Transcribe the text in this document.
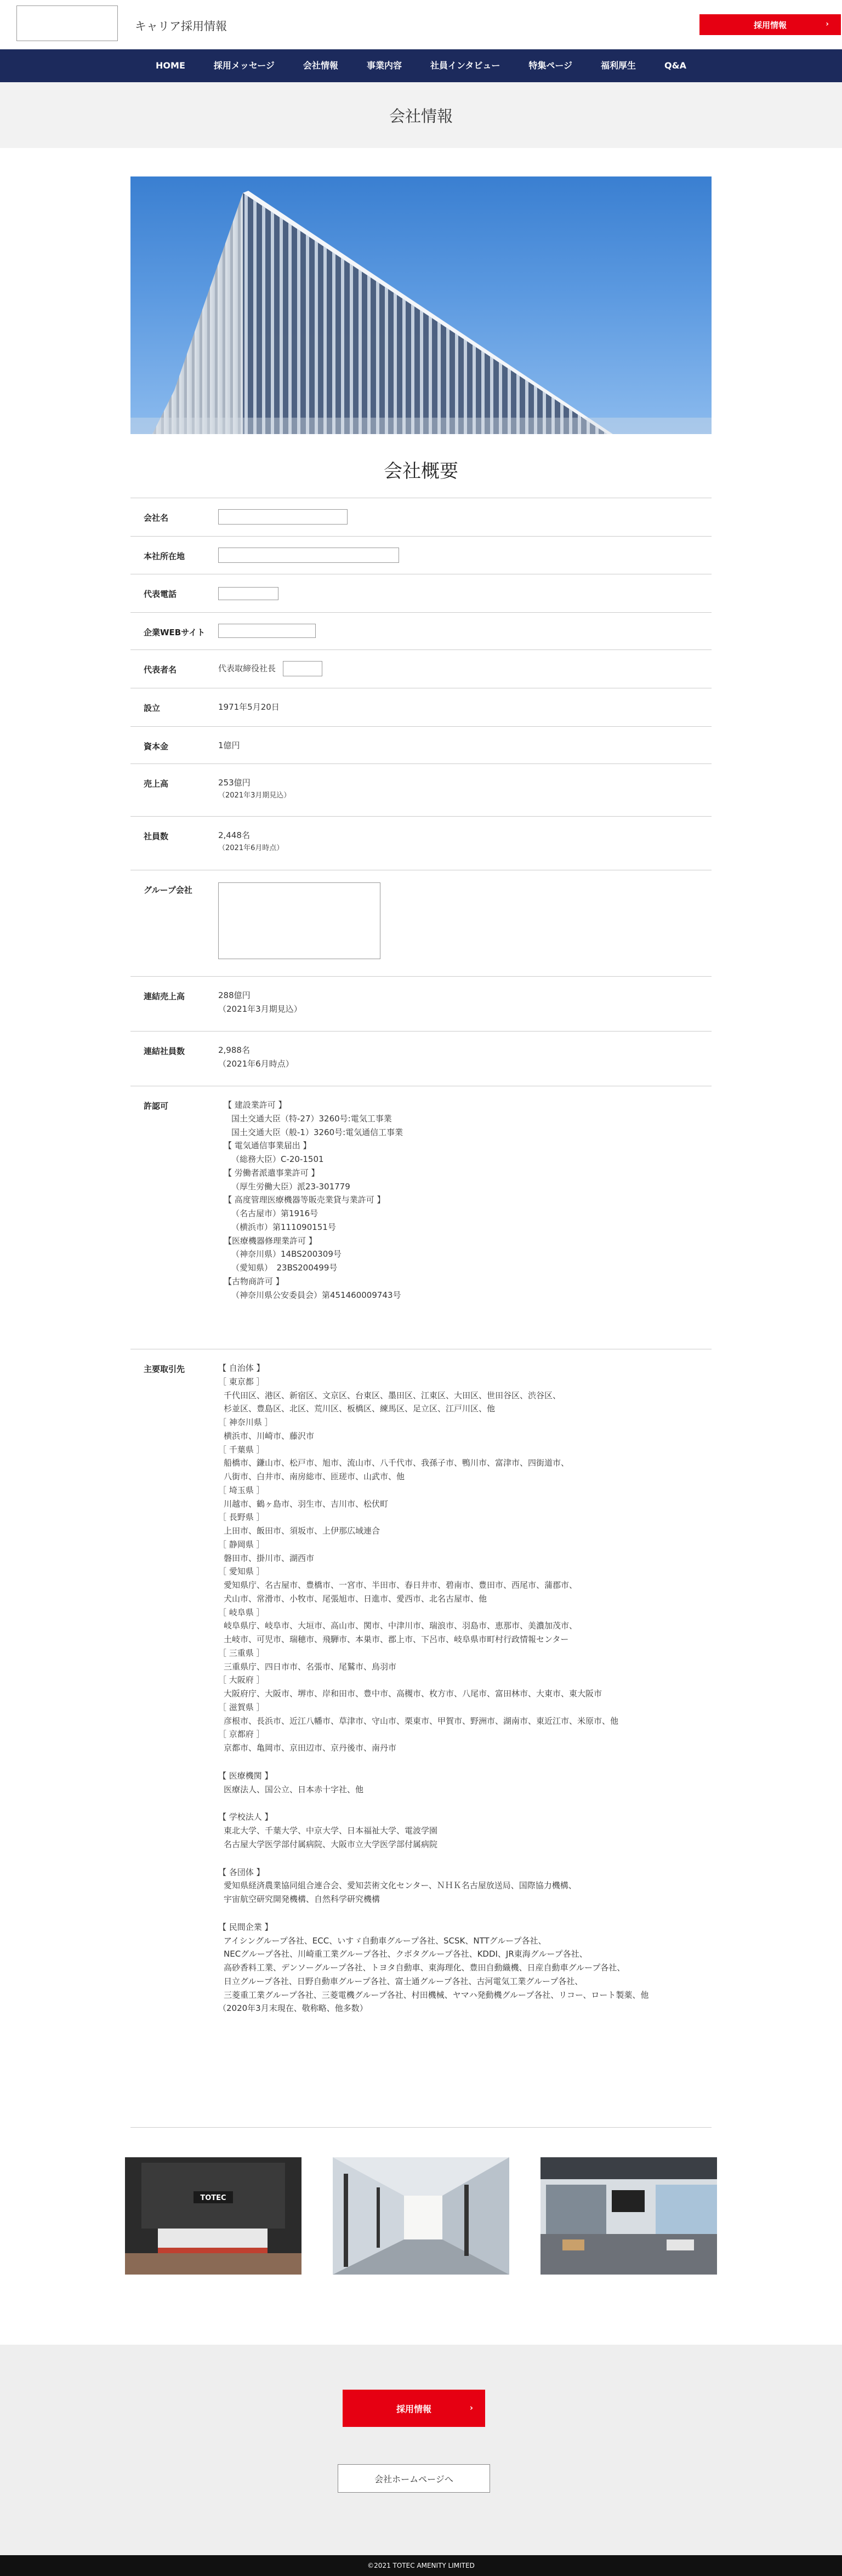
キャリア採用情報	採用情報	›
HOME	採用メッセージ	会社情報	事業内容	社員インタビュー	特集ページ	福利厚生	Q&A
会社情報
会社概要
会社名
本社所在地
代表電話
企業WEBサイト
代表者名	代表取締役社長
設立	1971年5月20日
資本金	1億円
売上高	253億円
（2021年3月期見込）
社員数	2,448名
（2021年6月時点）
グループ会社
連結売上高	288億円
（2021年3月期見込）
連結社員数	2,988名
（2021年6月時点）
許認可	【 建設業許可 】
国土交通大臣（特-27）3260号:電気工事業
国土交通大臣（般-1）3260号:電気通信工事業
【 電気通信事業届出 】
（総務大臣）C-20-1501
【 労働者派遣事業許可 】
（厚生労働大臣）派23-301779
【 高度管理医療機器等販売業貸与業許可 】
（名古屋市）第1916号
（横浜市）第111090151号
【医療機器修理業許可 】
（神奈川県）14BS200309号
（愛知県）　23BS200499号
【古物商許可 】
（神奈川県公安委員会）第451460009743号
主要取引先	【 自治体 】
［ 東京都 ］
千代田区、港区、新宿区、文京区、台東区、墨田区、江東区、大田区、世田谷区、渋谷区、
杉並区、豊島区、北区、荒川区、板橋区、練馬区、足立区、江戸川区、他
［ 神奈川県 ］
横浜市、川崎市、藤沢市
［ 千葉県 ］
船橋市、鎌山市、松戸市、旭市、流山市、八千代市、我孫子市、鴨川市、富津市、四街道市、
八街市、白井市、南房総市、匝瑳市、山武市、他
［ 埼玉県 ］
川越市、鶴ヶ島市、羽生市、吉川市、松伏町
［ 長野県 ］
上田市、飯田市、須坂市、上伊那広域連合
［ 静岡県 ］
磐田市、掛川市、湖西市
［ 愛知県 ］
愛知県庁、名古屋市、豊橋市、一宮市、半田市、春日井市、碧南市、豊田市、西尾市、蒲郡市、
犬山市、常滑市、小牧市、尾張旭市、日進市、愛西市、北名古屋市、他
［ 岐阜県 ］
岐阜県庁、岐阜市、大垣市、高山市、関市、中津川市、瑞浪市、羽島市、恵那市、美濃加茂市、
土岐市、可児市、瑞穂市、飛騨市、本巣市、郡上市、下呂市、岐阜県市町村行政情報センター
［ 三重県 ］
三重県庁、四日市市、名張市、尾鷲市、鳥羽市
［ 大阪府 ］
大阪府庁、大阪市、堺市、岸和田市、豊中市、高槻市、枚方市、八尾市、富田林市、大東市、東大阪市
［ 滋賀県 ］
彦根市、長浜市、近江八幡市、草津市、守山市、栗東市、甲賀市、野洲市、湖南市、東近江市、米原市、他
［ 京都府 ］
京都市、亀岡市、京田辺市、京丹後市、南丹市
【 医療機関 】
医療法人、国公立、日本赤十字社、他
【 学校法人 】
東北大学、千葉大学、中京大学、日本福祉大学、電波学園
名古屋大学医学部付属病院、大阪市立大学医学部付属病院
【 各団体 】
愛知県経済農業協同組合連合会、愛知芸術文化センター、ＮＨＫ名古屋放送局、国際協力機構、
宇宙航空研究開発機構、自然科学研究機構
【 民間企業 】
アイシングループ各社、ECC、いすゞ自動車グループ各社、SCSK、NTTグループ各社、
NECグループ各社、川崎重工業グループ各社、クボタグループ各社、KDDI、JR東海グループ各社、
高砂香料工業、デンソーグループ各社、トヨタ自動車、東海理化、豊田自動織機、日産自動車グループ各社、
日立グループ各社、日野自動車グループ各社、富士通グループ各社、古河電気工業グループ各社、
三菱重工業グループ各社、三菱電機グループ各社、村田機械、ヤマハ発動機グループ各社、リコー、ロート製薬、他
（2020年3月末現在、敬称略、他多数）
TOTEC
採用情報	›
会社ホームページへ
©2021 TOTEC AMENITY LIMITED
